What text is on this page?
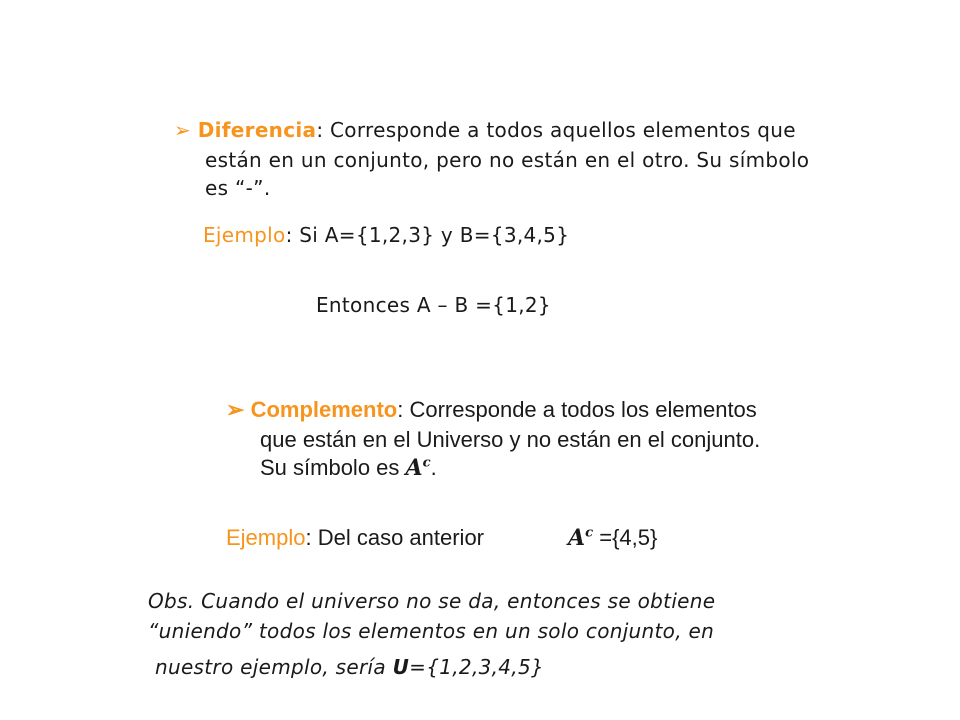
➢ Diferencia: Corresponde a todos aquellos elementos que
están en un conjunto, pero no están en el otro. Su símbolo
es “-”.
Ejemplo: Si A={1,2,3} y B={3,4,5}
Entonces A – B ={1,2}
➢ Complemento: Corresponde a todos los elementos
que están en el Universo y no están en el conjunto.
Su símbolo es $A^c$.
Ejemplo: Del caso anterior	$A^c =\{4,5\}$
Obs. Cuando el universo no se da, entonces se obtiene
“uniendo” todos los elementos en un solo conjunto, en
nuestro ejemplo, sería U={1,2,3,4,5}
